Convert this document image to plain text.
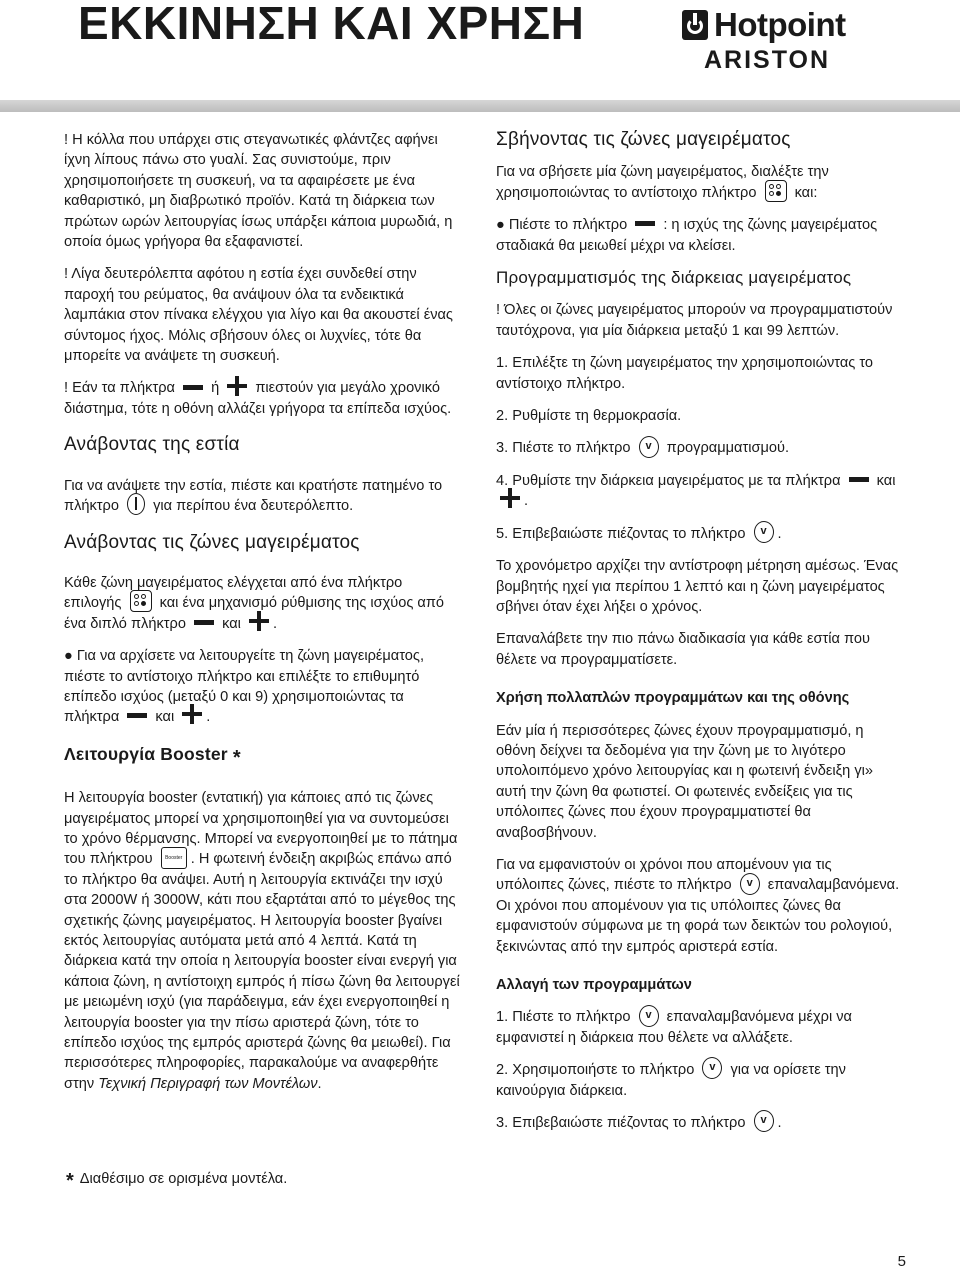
ΕΚΚΙΝΗΣΗ ΚΑΙ ΧΡΗΣΗ	Hotpoint
ARISTON

! Η κόλλα που υπάρχει στις στεγανωτικές φλάντζες αφήνει ίχνη λίπους πάνω στο γυαλί. Σας συνιστούμε, πριν χρησιμοποιήσετε τη συσκευή, να τα αφαιρέσετε με ένα καθαριστικό, μη διαβρωτικό προϊόν. Κατά τη διάρκεια των πρώτων ωρών λειτουργίας ίσως υπάρξει κάποια μυρωδιά, η οποία όμως γρήγορα θα εξαφανιστεί.

! Λίγα δευτερόλεπτα αφότου η εστία έχει συνδεθεί στην παροχή του ρεύματος, θα ανάψουν όλα τα ενδεικτικά λαμπάκια στον πίνακα ελέγχου για λίγο και θα ακουστεί ένας σύντομος ήχος. Μόλις σβήσουν όλες οι λυχνίες, τότε θα μπορείτε να ανάψετε τη συσκευή.

! Εάν τα πλήκτρα ή πιεστούν για μεγάλο χρονικό διάστημα, τότε η οθόνη αλλάζει γρήγορα τα επίπεδα ισχύος.

Ανάβοντας της εστία

Για να ανάψετε την εστία, πιέστε και κρατήστε πατημένο το πλήκτρο για περίπου ένα δευτερόλεπτο.

Ανάβοντας τις ζώνες μαγειρέματος

Κάθε ζώνη μαγειρέματος ελέγχεται από ένα πλήκτρο επιλογής	και ένα μηχανισμό ρύθμισης της ισχύος από ένα διπλό πλήκτρο και .

● Για να αρχίσετε να λειτουργείτε τη ζώνη μαγειρέματος, πιέστε το αντίστοιχο πλήκτρο και επιλέξτε το επιθυμητό επίπεδο ισχύος (μεταξύ 0 και 9) χρησιμοποιώντας τα πλήκτρα και .

Λειτουργία Booster *

Η λειτουργία booster (εντατική) για κάποιες από τις ζώνες μαγειρέματος μπορεί να χρησιμοποιηθεί για να συντομεύσει το χρόνο θέρμανσης. Μπορεί να ενεργοποιηθεί με το πάτημα του πλήκτρου Booster . Η φωτεινή ένδειξη ακριβώς επάνω από το πλήκτρο θα ανάψει. Αυτή η λειτουργία εκτινάζει την ισχύ στα 2000W ή 3000W, κάτι που εξαρτάται από το μέγεθος της σχετικής ζώνης μαγειρέματος. Η λειτουργία booster βγαίνει εκτός λειτουργίας αυτόματα μετά από 4 λεπτά. Κατά τη διάρκεια κατά την οποία η λειτουργία booster είναι ενεργή για κάποια ζώνη, η αντίστοιχη εμπρός ή πίσω ζώνη θα λειτουργεί με μειωμένη ισχύ (για παράδειγμα, εάν έχει ενεργοποιηθεί η λειτουργία booster για την πίσω αριστερά ζώνη, τότε το επίπεδο ισχύος της εμπρός αριστερά ζώνης θα μειωθεί). Για περισσότερες πληροφορίες, παρακαλούμε να αναφερθήτε στην Τεχνική Περιγραφή των Μοντέλων.

Σβήνοντας τις ζώνες μαγειρέματος

Για να σβήσετε μία ζώνη μαγειρέματος, διαλέξτε την χρησιμοποιώντας το αντίστοιχο πλήκτρο	και:

● Πιέστε το πλήκτρο : η ισχύς της ζώνης μαγειρέματος σταδιακά θα μειωθεί μέχρι να κλείσει.

Προγραμματισμός της διάρκειας μαγειρέματος

! Όλες οι ζώνες μαγειρέματος μπορούν να προγραμματιστούν ταυτόχρονα, για μία διάρκεια μεταξύ 1 και 99 λεπτών.

1. Επιλέξτε τη ζώνη μαγειρέματος την χρησιμοποιώντας το αντίστοιχο πλήκτρο.

2. Ρυθμίστε τη θερμοκρασία.

3. Πιέστε το πλήκτρο v προγραμματισμού.

4. Ρυθμίστε την διάρκεια μαγειρέματος με τα πλήκτρα και .

5. Επιβεβαιώστε πιέζοντας το πλήκτρο v .

Το χρονόμετρο αρχίζει την αντίστροφη μέτρηση αμέσως. Ένας βομβητής ηχεί για περίπου 1 λεπτό και η ζώνη μαγειρέματος σβήνει όταν έχει λήξει ο χρόνος.

Επαναλάβετε την πιο πάνω διαδικασία για κάθε εστία που θέλετε να προγραμματίσετε.

Χρήση πολλαπλών προγραμμάτων και της οθόνης

Εάν μία ή περισσότερες ζώνες έχουν προγραμματισμό, η οθόνη δείχνει τα δεδομένα για την ζώνη με το λιγότερο υπολοιπόμενο χρόνο λειτουργίας και η φωτεινή ένδειξη γι» αυτή την ζώνη θα φωτιστεί. Οι φωτεινές ενδείξεις για τις υπόλοιπες ζώνες που έχουν προγραμματιστεί θα αναβοσβήνουν.

Για να εμφανιστούν οι χρόνοι που απομένουν για τις υπόλοιπες ζώνες, πιέστε το πλήκτρο v επαναλαμβανόμενα. Οι χρόνοι που απομένουν για τις υπόλοιπες ζώνες θα εμφανιστούν σύμφωνα με τη φορά των δεικτών του ρολογιού, ξεκινώντας από την εμπρός αριστερά εστία.

Αλλαγή των προγραμμάτων

1. Πιέστε το πλήκτρο v επαναλαμβανόμενα μέχρι να εμφανιστεί η διάρκεια που θέλετε να αλλάξετε.

2. Χρησιμοποιήστε το πλήκτρο v για να ορίσετε την καινούργια διάρκεια.

3. Επιβεβαιώστε πιέζοντας το πλήκτρο v .

* Διαθέσιμο σε ορισμένα μοντέλα.
5
